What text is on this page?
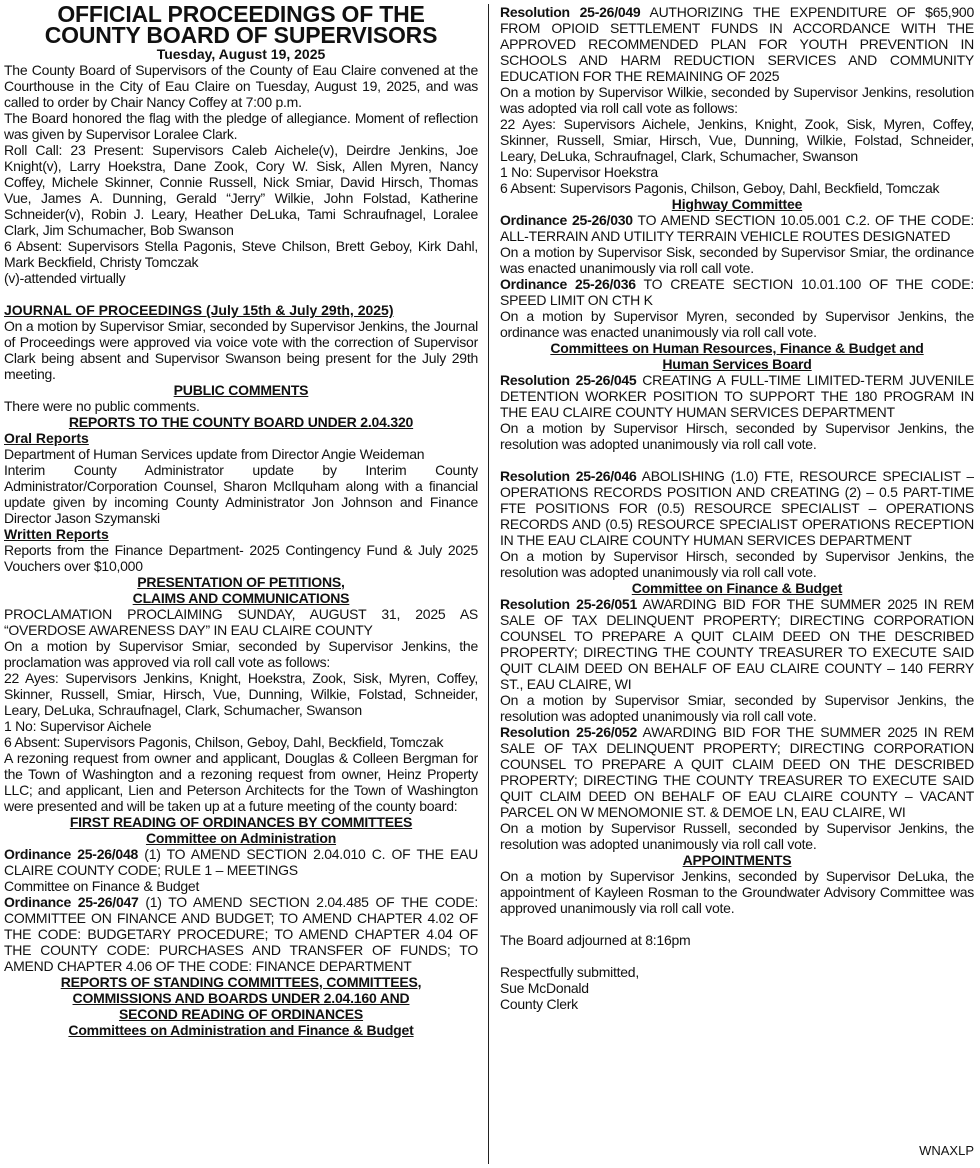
OFFICIAL PROCEEDINGS OF THE
COUNTY BOARD OF SUPERVISORS
Tuesday, August 19, 2025

The County Board of Supervisors of the County of Eau Claire convened at the Courthouse in the City of Eau Claire on Tuesday, August 19, 2025, and was called to order by Chair Nancy Coffey at 7:00 p.m.

The Board honored the flag with the pledge of allegiance. Moment of reflection was given by Supervisor Loralee Clark.

Roll Call: 23 Present: Supervisors Caleb Aichele(v), Deirdre Jenkins, Joe Knight(v), Larry Hoekstra, Dane Zook, Cory W. Sisk, Allen Myren, Nancy Coffey, Michele Skinner, Connie Russell, Nick Smiar, David Hirsch, Thomas Vue, James A. Dunning, Gerald “Jerry” Wilkie, John Folstad, Katherine Schneider(v), Robin J. Leary, Heather DeLuka, Tami Schraufnagel, Loralee Clark, Jim Schumacher, Bob Swanson

6 Absent: Supervisors Stella Pagonis, Steve Chilson, Brett Geboy, Kirk Dahl, Mark Beckfield, Christy Tomczak

(v)-attended virtually

JOURNAL OF PROCEEDINGS (July 15th & July 29th, 2025)

On a motion by Supervisor Smiar, seconded by Supervisor Jenkins, the Journal of Proceedings were approved via voice vote with the correction of Supervisor Clark being absent and Supervisor Swanson being present for the July 29th meeting.

PUBLIC COMMENTS

There were no public comments.

REPORTS TO THE COUNTY BOARD UNDER 2.04.320
Oral Reports

Department of Human Services update from Director Angie Weideman

Interim County Administrator update by Interim County Administrator/Corporation Counsel, Sharon McIlquham along with a financial update given by incoming County Administrator Jon Johnson and Finance Director Jason Szymanski

Written Reports

Reports from the Finance Department- 2025 Contingency Fund & July 2025 Vouchers over $10,000

PRESENTATION OF PETITIONS,
CLAIMS AND COMMUNICATIONS

PROCLAMATION PROCLAIMING SUNDAY, AUGUST 31, 2025 AS “OVERDOSE AWARENESS DAY” IN EAU CLAIRE COUNTY

On a motion by Supervisor Smiar, seconded by Supervisor Jenkins, the proclamation was approved via roll call vote as follows:

22 Ayes: Supervisors Jenkins, Knight, Hoekstra, Zook, Sisk, Myren, Coffey, Skinner, Russell, Smiar, Hirsch, Vue, Dunning, Wilkie, Folstad, Schneider, Leary, DeLuka, Schraufnagel, Clark, Schumacher, Swanson

1 No: Supervisor Aichele

6 Absent: Supervisors Pagonis, Chilson, Geboy, Dahl, Beckfield, Tomczak

A rezoning request from owner and applicant, Douglas & Colleen Bergman for the Town of Washington and a rezoning request from owner, Heinz Property LLC; and applicant, Lien and Peterson Architects for the Town of Washington were presented and will be taken up at a future meeting of the county board:

FIRST READING OF ORDINANCES BY COMMITTEES
Committee on Administration

Ordinance 25-26/048 (1) TO AMEND SECTION 2.04.010 C. OF THE EAU CLAIRE COUNTY CODE; RULE 1 – MEETINGS

Committee on Finance & Budget

Ordinance 25-26/047 (1) TO AMEND SECTION 2.04.485 OF THE CODE: COMMITTEE ON FINANCE AND BUDGET; TO AMEND CHAPTER 4.02 OF THE CODE: BUDGETARY PROCEDURE; TO AMEND CHAPTER 4.04 OF THE COUNTY CODE: PURCHASES AND TRANSFER OF FUNDS; TO AMEND CHAPTER 4.06 OF THE CODE: FINANCE DEPARTMENT

REPORTS OF STANDING COMMITTEES, COMMITTEES,
COMMISSIONS AND BOARDS UNDER 2.04.160 AND
SECOND READING OF ORDINANCES
Committees on Administration and Finance & Budget

Resolution 25-26/049 AUTHORIZING THE EXPENDITURE OF $65,900 FROM OPIOID SETTLEMENT FUNDS IN ACCORDANCE WITH THE APPROVED RECOMMENDED PLAN FOR YOUTH PREVENTION IN SCHOOLS AND HARM REDUCTION SERVICES AND COMMUNITY EDUCATION FOR THE REMAINING OF 2025

On a motion by Supervisor Wilkie, seconded by Supervisor Jenkins, resolution was adopted via roll call vote as follows:

22 Ayes: Supervisors Aichele, Jenkins, Knight, Zook, Sisk, Myren, Coffey, Skinner, Russell, Smiar, Hirsch, Vue, Dunning, Wilkie, Folstad, Schneider, Leary, DeLuka, Schraufnagel, Clark, Schumacher, Swanson

1 No: Supervisor Hoekstra

6 Absent: Supervisors Pagonis, Chilson, Geboy, Dahl, Beckfield, Tomczak

Highway Committee

Ordinance 25-26/030 TO AMEND SECTION 10.05.001 C.2. OF THE CODE: ALL-TERRAIN AND UTILITY TERRAIN VEHICLE ROUTES DESIGNATED

On a motion by Supervisor Sisk, seconded by Supervisor Smiar, the ordinance was enacted unanimously via roll call vote.

Ordinance 25-26/036 TO CREATE SECTION 10.01.100 OF THE CODE: SPEED LIMIT ON CTH K

On a motion by Supervisor Myren, seconded by Supervisor Jenkins, the ordinance was enacted unanimously via roll call vote.

Committees on Human Resources, Finance & Budget and
Human Services Board

Resolution 25-26/045 CREATING A FULL-TIME LIMITED-TERM JUVENILE DETENTION WORKER POSITION TO SUPPORT THE 180 PROGRAM IN THE EAU CLAIRE COUNTY HUMAN SERVICES DEPARTMENT

On a motion by Supervisor Hirsch, seconded by Supervisor Jenkins, the resolution was adopted unanimously via roll call vote.

Resolution 25-26/046 ABOLISHING (1.0) FTE, RESOURCE SPECIALIST – OPERATIONS RECORDS POSITION AND CREATING (2) – 0.5 PART-TIME FTE POSITIONS FOR (0.5) RESOURCE SPECIALIST – OPERATIONS RECORDS AND (0.5) RESOURCE SPECIALIST OPERATIONS RECEPTION IN THE EAU CLAIRE COUNTY HUMAN SERVICES DEPARTMENT

On a motion by Supervisor Hirsch, seconded by Supervisor Jenkins, the resolution was adopted unanimously via roll call vote.

Committee on Finance & Budget

Resolution 25-26/051 AWARDING BID FOR THE SUMMER 2025 IN REM SALE OF TAX DELINQUENT PROPERTY; DIRECTING CORPORATION COUNSEL TO PREPARE A QUIT CLAIM DEED ON THE DESCRIBED PROPERTY; DIRECTING THE COUNTY TREASURER TO EXECUTE SAID QUIT CLAIM DEED ON BEHALF OF EAU CLAIRE COUNTY – 140 FERRY ST., EAU CLAIRE, WI

On a motion by Supervisor Smiar, seconded by Supervisor Jenkins, the resolution was adopted unanimously via roll call vote.

Resolution 25-26/052 AWARDING BID FOR THE SUMMER 2025 IN REM SALE OF TAX DELINQUENT PROPERTY; DIRECTING CORPORATION COUNSEL TO PREPARE A QUIT CLAIM DEED ON THE DESCRIBED PROPERTY; DIRECTING THE COUNTY TREASURER TO EXECUTE SAID QUIT CLAIM DEED ON BEHALF OF EAU CLAIRE COUNTY – VACANT PARCEL ON W MENOMONIE ST. & DEMOE LN, EAU CLAIRE, WI

On a motion by Supervisor Russell, seconded by Supervisor Jenkins, the resolution was adopted unanimously via roll call vote.

APPOINTMENTS

On a motion by Supervisor Jenkins, seconded by Supervisor DeLuka, the appointment of Kayleen Rosman to the Groundwater Advisory Committee was approved unanimously via roll call vote.

The Board adjourned at 8:16pm

Respectfully submitted,

Sue McDonald

County Clerk

WNAXLP
